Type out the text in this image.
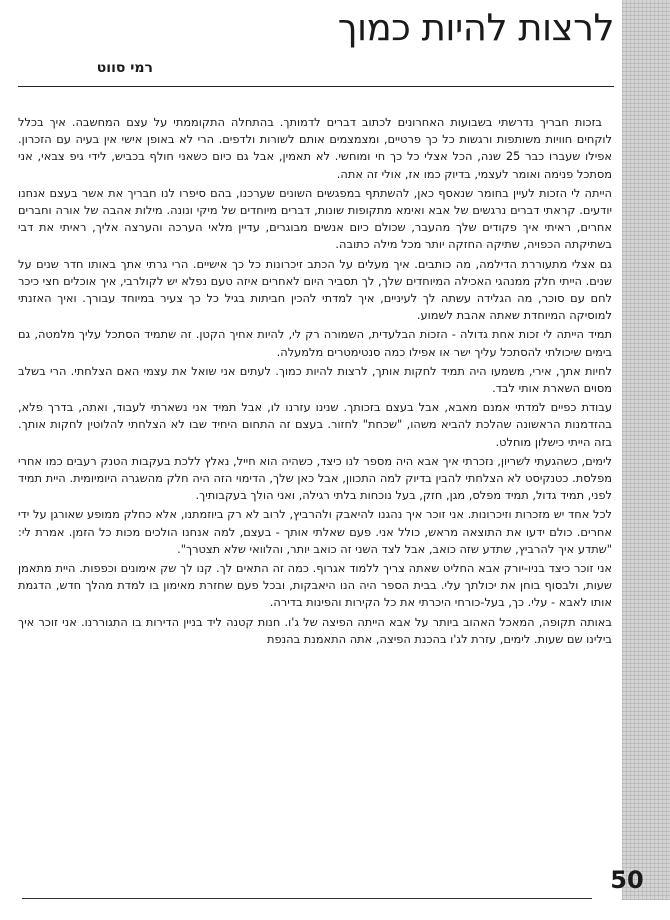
לרצות להיות כמוך
רמי סווט

בזכות חבריך נדרשתי בשבועות האחרונים לכתוב דברים לדמותך. בהתחלה התקוממתי על עצם המחשבה. איך בכלל לוקחים חוויות משותפות ורגשות כל כך פרטיים, ומצמצמים אותם לשורות ולדפים. הרי לא באופן אישי אין בעיה עם הזכרון. אפילו שעברו כבר 25 שנה, הכל אצלי כל כך חי ומוחשי. לא תאמין, אבל גם כיום כשאני חולף בכביש, לידי גיפ צבאי, אני מסתכל פנימה ואומר לעצמי, בדיוק כמו אז, אולי זה אתה.

הייתה לי הזכות לעיין בחומר שנאסף כאן, להשתתף במפגשים השונים שערכנו, בהם סיפרו לנו חבריך את אשר בעצם אנחנו יודעים. קראתי דברים נרגשים של אבא ואימא מתקופות שונות, דברים מיוחדים של מיקי ונונה. מילות אהבה של אורה וחברים אחרים, ראיתי איך פקודים שלך מהעבר, שכולם כיום אנשים מבוגרים, עדיין מלאי הערכה והערצה אליך, ראיתי את דבי בשתיקתה הכפויה, שתיקה החזקה יותר מכל מילה כתובה.

גם אצלי מתעוררת הדילמה, מה כותבים. איך מעלים על הכתב זיכרונות כל כך אישיים. הרי גרתי אתך באותו חדר שנים על שנים. הייתי חלק ממנהגי האכילה המיוחדים שלך, לך תסביר היום לאחרים איזה טעם נפלא יש לקולרבי, איך אוכלים חצי כיכר לחם עם סוכר, מה הגלידה עשתה לך לעיניים, איך למדתי להכין חביתות בגיל כל כך צעיר במיוחד עבורך. ואיך האזנתי למוסיקה המיוחדת שאתה אהבת לשמוע.

תמיד הייתה לי זכות אחת גדולה - הזכות הבלעדית, השמורה רק לי, להיות אחיך הקטן. זה שתמיד הסתכל עליך מלמטה, גם בימים שיכולתי להסתכל עליך ישר או אפילו כמה סנטימטרים מלמעלה.

לחיות אתך, אירי, משמעו היה תמיד לחקות אותך, לרצות להיות כמוך. לעתים אני שואל את עצמי האם הצלחתי. הרי בשלב מסוים השארת אותי לבד.

עבודת כפיים למדתי אמנם מאבא, אבל בעצם בזכותך. שנינו עזרנו לו, אבל תמיד אני נשארתי לעבוד, ואתה, בדרך פלא, בהזדמנות הראשונה שהלכת להביא משהו, "שכחת" לחזור. בעצם זה התחום היחיד שבו לא הצלחתי להלוטין לחקות אותך. בזה הייתי כישלון מוחלט.

לימים, כשהגעתי לשריון, נזכרתי איך אבא היה מספר לנו כיצד, כשהיה הוא חייל, נאלץ ללכת בעקבות הטנק רעבים כמו אחרי מפלסת. כטנקיסט לא הצלחתי להבין בדיוק למה התכוון, אבל כאן שלך, הדימוי הזה היה חלק מהשגרה היומיומית. היית תמיד לפני, תמיד גדול, תמיד מפלס, מגן, חזק, בעל נוכחות בלתי רגילה, ואני הולך בעקבותיך.

לכל אחד יש מזכרות וזיכרונות. אני זוכר איך נהגנו להיאבק ולהרביץ, לרוב לא רק ביוזמתנו, אלא כחלק ממופע שאורגן על ידי אחרים. כולם ידעו את התוצאה מראש, כולל אני. פעם שאלתי אותך - בעצם, למה אנחנו הולכים מכות כל הזמן. אמרת לי: "שתדע איך להרביץ, שתדע שזה כואב, אבל לצד השני זה כואב יותר, והלוואי שלא תצטרך".

אני זוכר כיצד בניו-יורק אבא החליט שאתה צריך ללמוד אגרוף. כמה זה התאים לך. קנו לך שק אימונים וכפפות. היית מתאמן שעות, ולבסוף בוחן את יכולתך עלי. בבית הספר היה הנו היאבקות, ובכל פעם שחזרת מאימון בו למדת מהלך חדש, הדגמת אותו לאבא - עלי. כך, בעל-כורחי היכרתי את כל הקירות והפינות בדירה.

באותה תקופה, המאכל האהוב ביותר על אבא הייתה הפיצה של ג'ו. חנות קטנה ליד בניין הדירות בו התגוררנו. אני זוכר איך בילינו שם שעות. לימים, עזרת לג'ו בהכנת הפיצה, אתה התאמנת בהנפת

50
